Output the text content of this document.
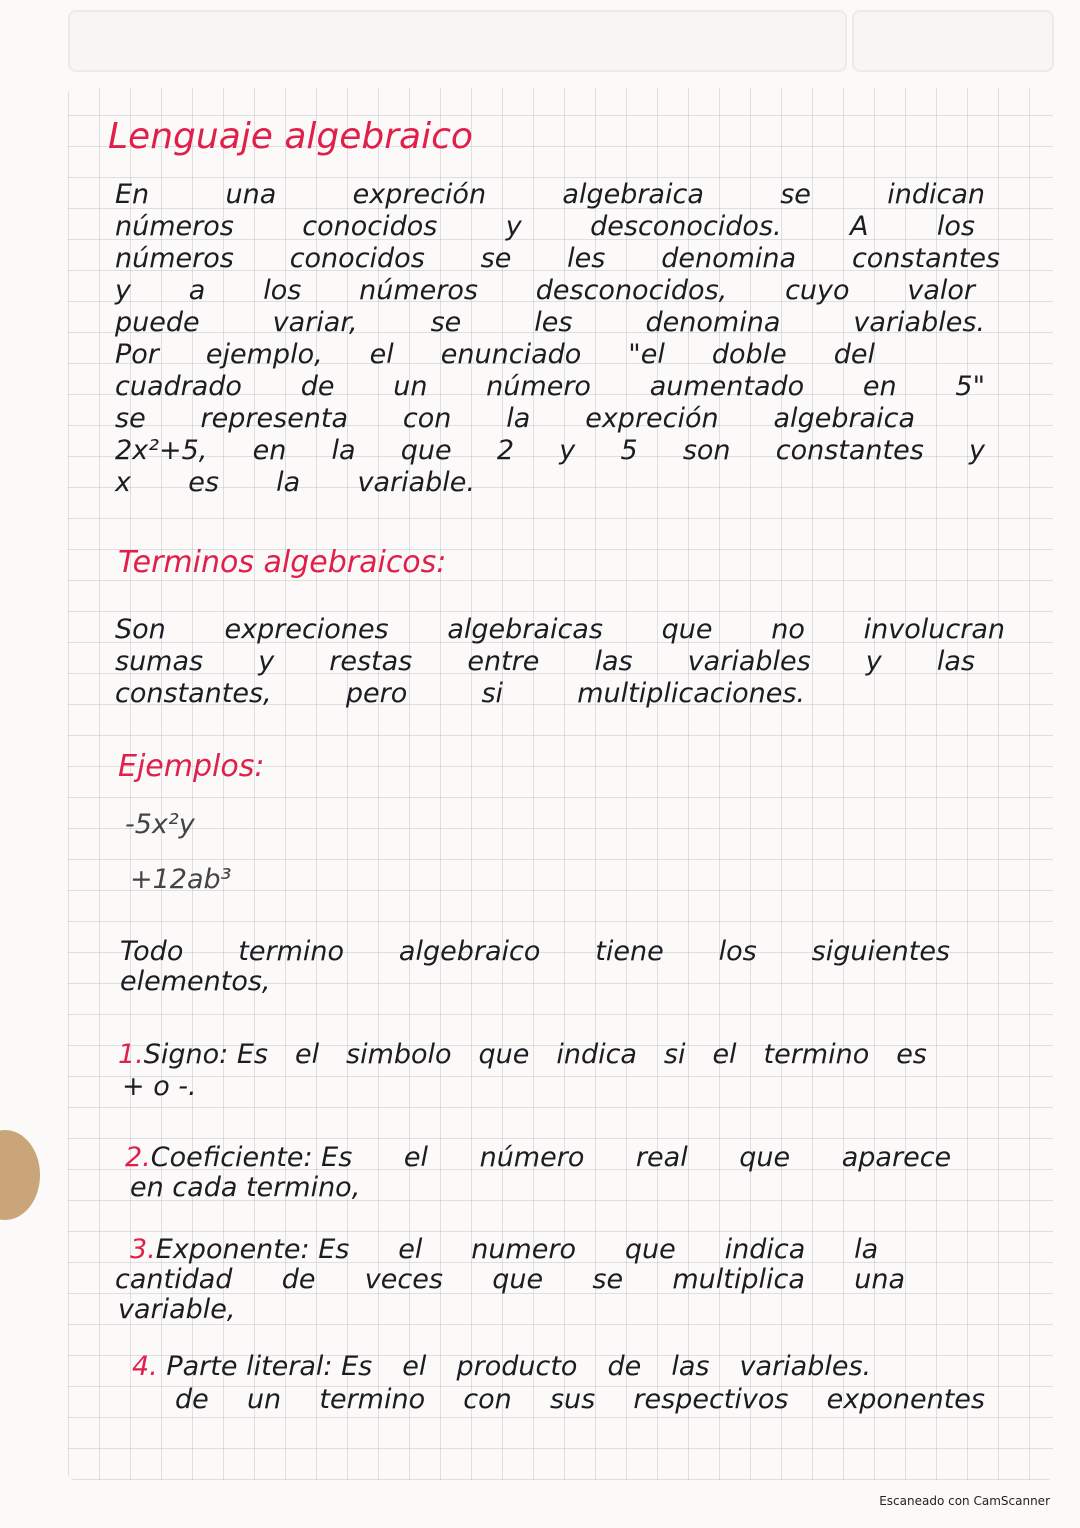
Lenguaje algebraico
En una expreción algebraica se indican
números conocidos y desconocidos. A los
números conocidos se les denomina constantes
y a los números desconocidos, cuyo valor
puede variar, se les denomina variables.
Por ejemplo, el enunciado "el doble del
cuadrado de un número aumentado en 5"
se representa con la expreción algebraica
2x²+5, en la que 2 y 5 son constantes y
x es la variable.
Terminos algebraicos:
Son expreciones algebraicas que no involucran
sumas y restas entre las variables y las
constantes, pero si multiplicaciones.
Ejemplos:
-5x²y
+12ab³
Todo termino algebraico tiene los siguientes
elementos,
1.Signo: Es el simbolo que indica si el termino es
+ o -.
2.Coeficiente: Es el número real que aparece
en cada termino,
3.Exponente: Es el numero que indica la
cantidad de veces que se multiplica una
variable,
4. Parte literal: Es el producto de las variables.
de un termino con sus respectivos exponentes
Escaneado con CamScanner
